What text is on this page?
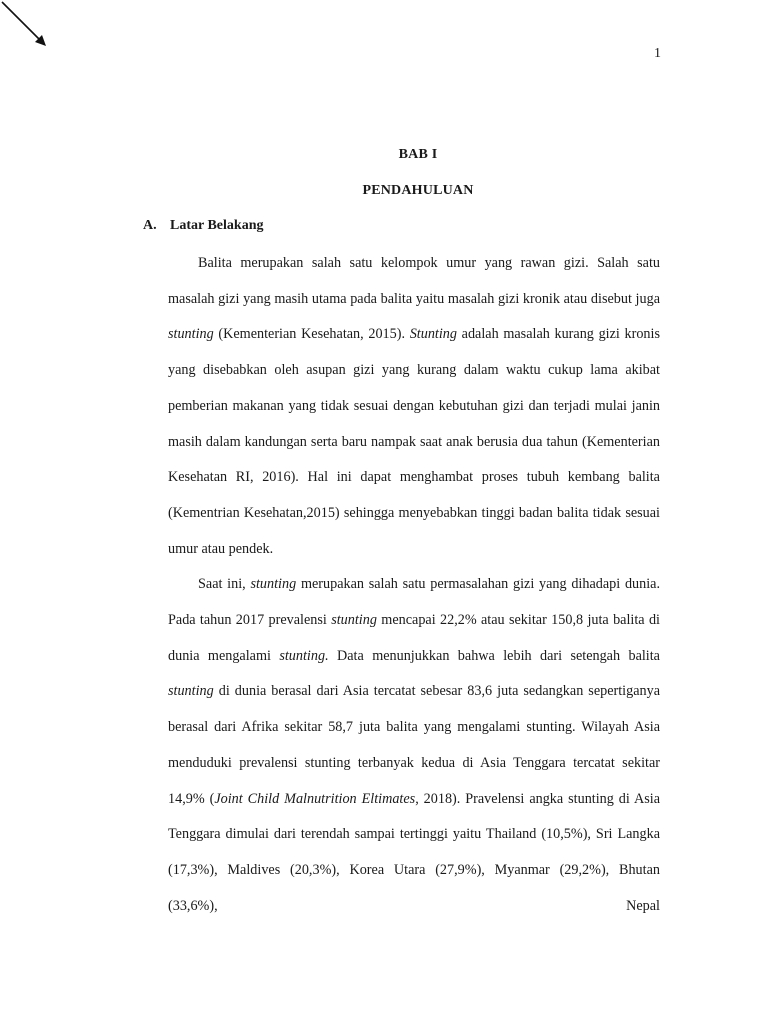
1
BAB I
PENDAHULUAN
A. Latar Belakang

Balita merupakan salah satu kelompok umur yang rawan gizi. Salah satu masalah gizi yang masih utama pada balita yaitu masalah gizi kronik atau disebut juga stunting (Kementerian Kesehatan, 2015). Stunting adalah masalah kurang gizi kronis yang disebabkan oleh asupan gizi yang kurang dalam waktu cukup lama akibat pemberian makanan yang tidak sesuai dengan kebutuhan gizi dan terjadi mulai janin masih dalam kandungan serta baru nampak saat anak berusia dua tahun (Kementerian Kesehatan RI, 2016). Hal ini dapat menghambat proses tubuh kembang balita (Kementrian Kesehatan,2015) sehingga menyebabkan tinggi badan balita tidak sesuai umur atau pendek.

Saat ini, stunting merupakan salah satu permasalahan gizi yang dihadapi dunia. Pada tahun 2017 prevalensi stunting mencapai 22,2% atau sekitar 150,8 juta balita di dunia mengalami stunting. Data menunjukkan bahwa lebih dari setengah balita stunting di dunia berasal dari Asia tercatat sebesar 83,6 juta sedangkan sepertiganya berasal dari Afrika sekitar 58,7 juta balita yang mengalami stunting. Wilayah Asia menduduki prevalensi stunting terbanyak kedua di Asia Tenggara tercatat sekitar 14,9% (Joint Child Malnutrition Eltimates, 2018). Pravelensi angka stunting di Asia Tenggara dimulai dari terendah sampai tertinggi yaitu Thailand (10,5%), Sri Langka (17,3%), Maldives (20,3%), Korea Utara (27,9%), Myanmar (29,2%), Bhutan (33,6%), Nepal
